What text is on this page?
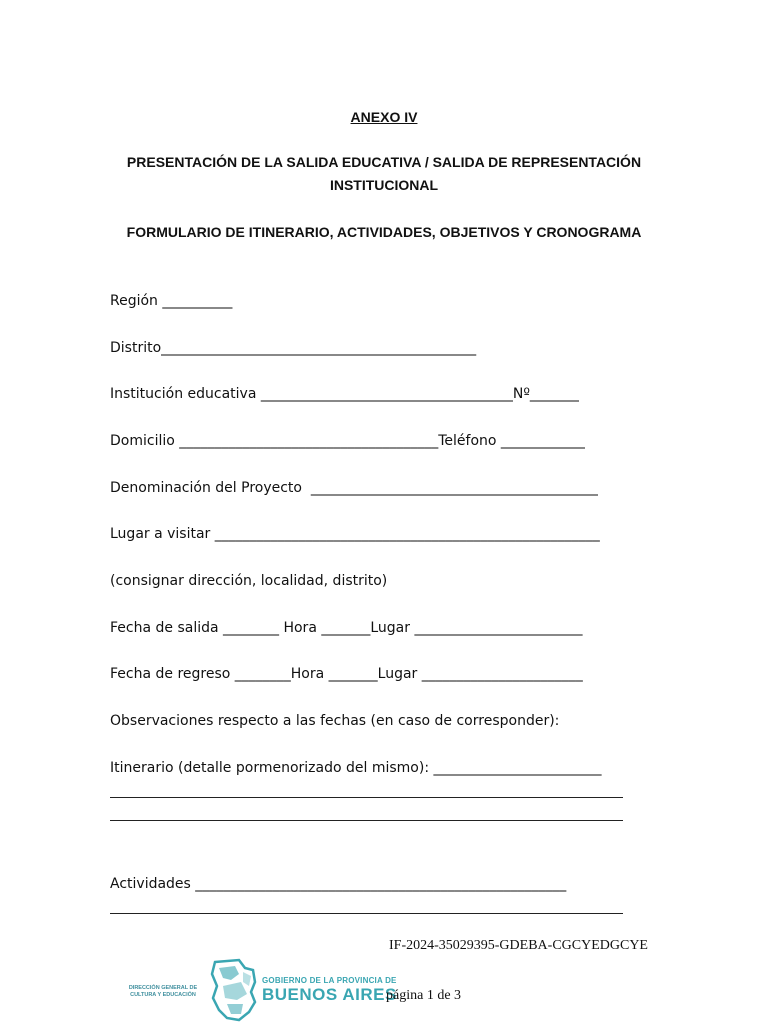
ANEXO IV
PRESENTACIÓN DE LA SALIDA EDUCATIVA / SALIDA DE REPRESENTACIÓN INSTITUCIONAL
FORMULARIO DE ITINERARIO, ACTIVIDADES, OBJETIVOS Y CRONOGRAMA
Región __________
Distrito_____________________________________________
Institución educativa ____________________________________Nº_______
Domicilio _____________________________________Teléfono ____________
Denominación del Proyecto  _________________________________________
Lugar a visitar _______________________________________________________
(consignar dirección, localidad, distrito)
Fecha de salida ________ Hora _______Lugar ________________________
Fecha de regreso ________Hora _______Lugar _______________________
Observaciones respecto a las fechas (en caso de corresponder):
Itinerario (detalle pormenorizado del mismo): ________________________
Actividades _____________________________________________________
IF-2024-35029395-GDEBA-CGCYEDGCYE
DIRECCIÓN GENERAL DE CULTURA Y EDUCACIÓN
GOBIERNO DE LA PROVINCIA DE
BUENOS AIRES
página 1 de 3
